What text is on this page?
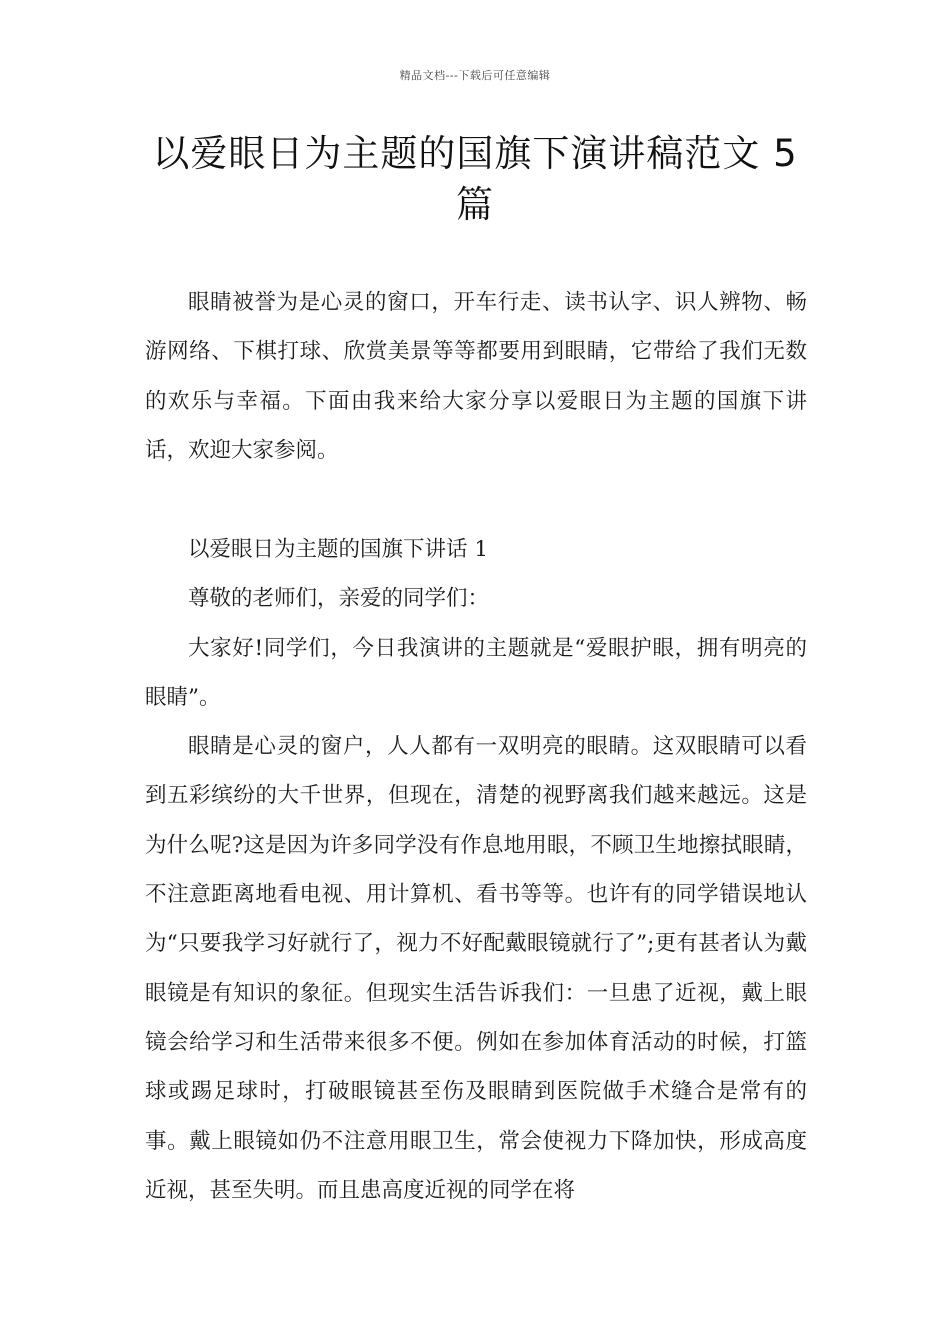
精品文档---下载后可任意编辑
以爱眼日为主题的国旗下演讲稿范文 5 篇

眼睛被誉为是心灵的窗口，开车行走、读书认字、识人辨物、畅游网络、下棋打球、欣赏美景等等都要用到眼睛，它带给了我们无数的欢乐与幸福。下面由我来给大家分享以爱眼日为主题的国旗下讲话，欢迎大家参阅。

以爱眼日为主题的国旗下讲话 1

尊敬的老师们，亲爱的同学们：

大家好!同学们，今日我演讲的主题就是“爱眼护眼，拥有明亮的眼睛”。

眼睛是心灵的窗户，人人都有一双明亮的眼睛。这双眼睛可以看到五彩缤纷的大千世界，但现在，清楚的视野离我们越来越远。这是为什么呢?这是因为许多同学没有作息地用眼，不顾卫生地擦拭眼睛，不注意距离地看电视、用计算机、看书等等。也许有的同学错误地认为“只要我学习好就行了，视力不好配戴眼镜就行了”;更有甚者认为戴眼镜是有知识的象征。但现实生活告诉我们：一旦患了近视，戴上眼镜会给学习和生活带来很多不便。例如在参加体育活动的时候，打篮球或踢足球时，打破眼镜甚至伤及眼睛到医院做手术缝合是常有的事。戴上眼镜如仍不注意用眼卫生，常会使视力下降加快，形成高度近视，甚至失明。而且患高度近视的同学在将
